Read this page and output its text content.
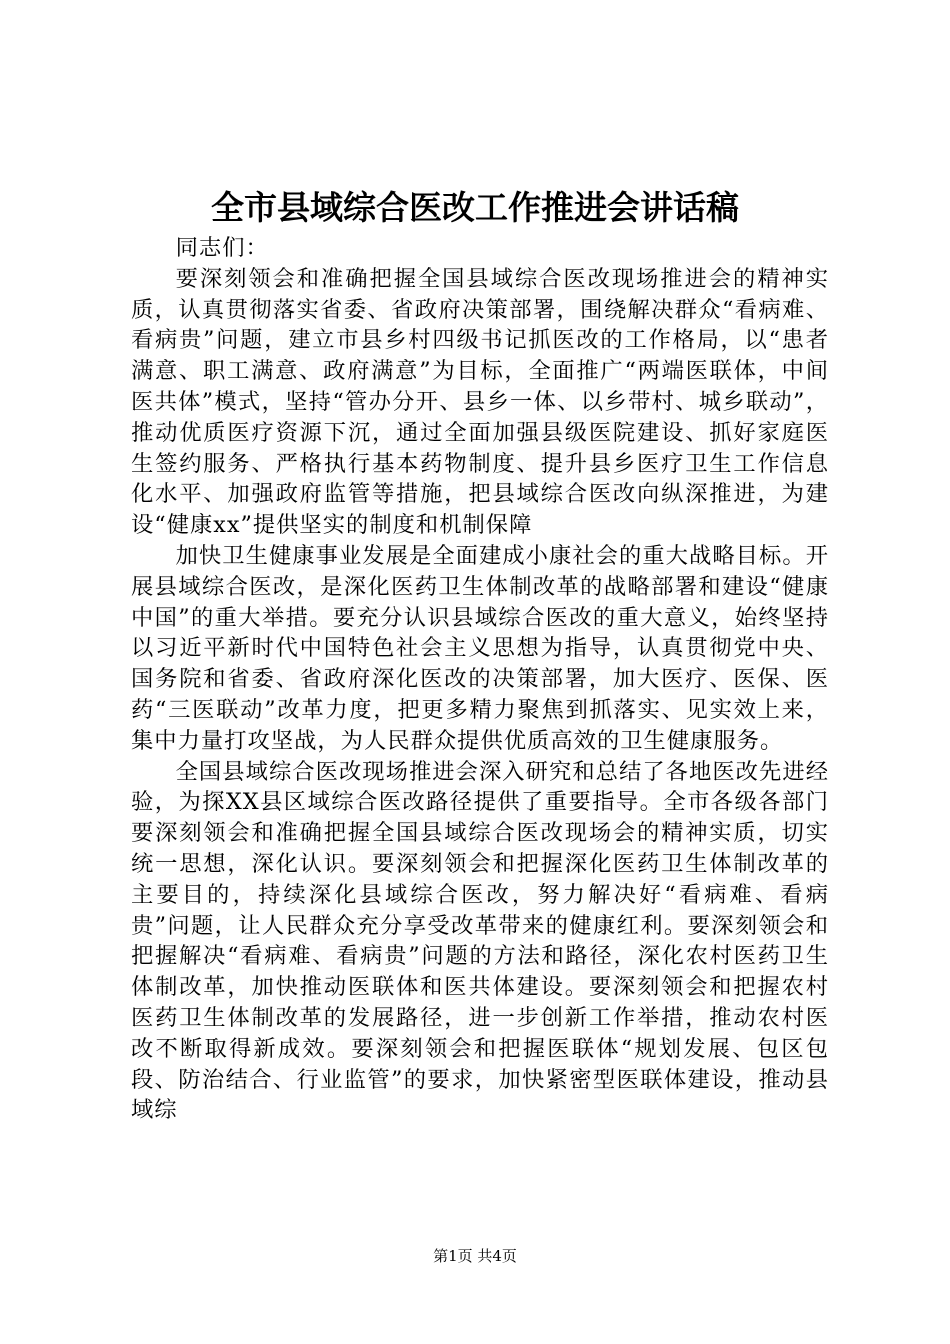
全市县域综合医改工作推进会讲话稿

同志们：

要深刻领会和准确把握全国县域综合医改现场推进会的精神实质，认真贯彻落实省委、省政府决策部署，围绕解决群众“看病难、看病贵”问题，建立市县乡村四级书记抓医改的工作格局，以“患者满意、职工满意、政府满意”为目标，全面推广“两端医联体，中间医共体”模式，坚持“管办分开、县乡一体、以乡带村、城乡联动”，推动优质医疗资源下沉，通过全面加强县级医院建设、抓好家庭医生签约服务、严格执行基本药物制度、提升县乡医疗卫生工作信息化水平、加强政府监管等措施，把县域综合医改向纵深推进，为建设“健康xx”提供坚实的制度和机制保障

加快卫生健康事业发展是全面建成小康社会的重大战略目标。开展县域综合医改，是深化医药卫生体制改革的战略部署和建设“健康中国”的重大举措。要充分认识县域综合医改的重大意义，始终坚持以习近平新时代中国特色社会主义思想为指导，认真贯彻党中央、国务院和省委、省政府深化医改的决策部署，加大医疗、医保、医药“三医联动”改革力度，把更多精力聚焦到抓落实、见实效上来，集中力量打攻坚战，为人民群众提供优质高效的卫生健康服务。

全国县域综合医改现场推进会深入研究和总结了各地医改先进经验，为探XX县区域综合医改路径提供了重要指导。全市各级各部门要深刻领会和准确把握全国县域综合医改现场会的精神实质，切实统一思想，深化认识。要深刻领会和把握深化医药卫生体制改革的主要目的，持续深化县域综合医改，努力解决好“看病难、看病贵”问题，让人民群众充分享受改革带来的健康红利。要深刻领会和把握解决“看病难、看病贵”问题的方法和路径，深化农村医药卫生体制改革，加快推动医联体和医共体建设。要深刻领会和把握农村医药卫生体制改革的发展路径，进一步创新工作举措，推动农村医改不断取得新成效。要深刻领会和把握医联体“规划发展、包区包段、防治结合、行业监管”的要求，加快紧密型医联体建设，推动县域综

第1页 共4页
